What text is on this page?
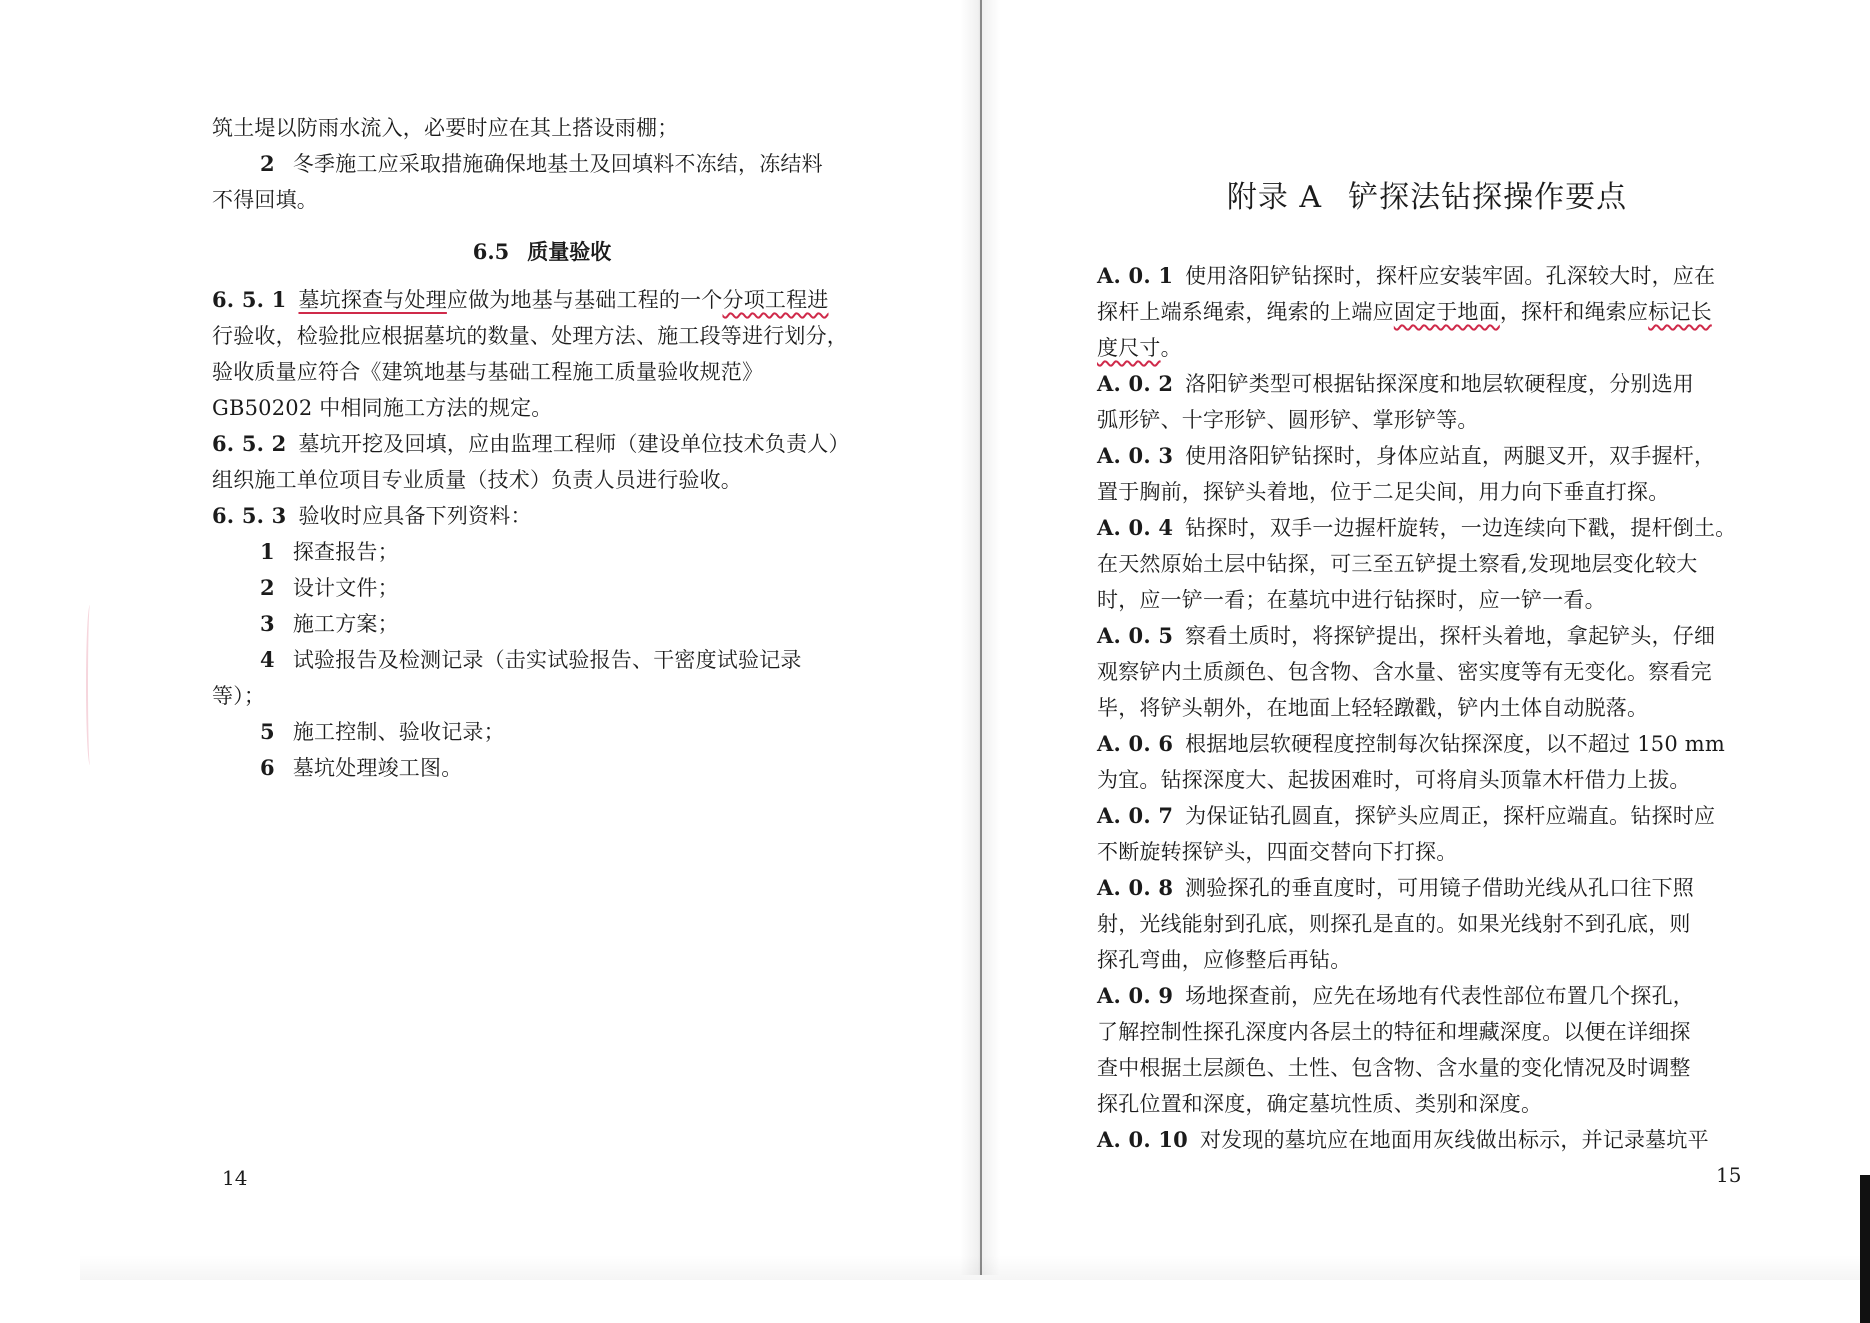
筑土堤以防雨水流入，必要时应在其上搭设雨棚；
2 冬季施工应采取措施确保地基土及回填料不冻结，冻结料
不得回填。
6.5 质量验收
6. 5. 1 墓坑探查与处理应做为地基与基础工程的一个分项工程进
行验收，检验批应根据墓坑的数量、处理方法、施工段等进行划分，
验收质量应符合《建筑地基与基础工程施工质量验收规范》
GB50202 中相同施工方法的规定。
6. 5. 2 墓坑开挖及回填，应由监理工程师（建设单位技术负责人）
组织施工单位项目专业质量（技术）负责人员进行验收。
6. 5. 3 验收时应具备下列资料：
1 探查报告；
2 设计文件；
3 施工方案；
4 试验报告及检测记录（击实试验报告、干密度试验记录
等）；
5 施工控制、验收记录；
6 墓坑处理竣工图。
14
附录 A 铲探法钻探操作要点
A. 0. 1 使用洛阳铲钻探时，探杆应安装牢固。孔深较大时，应在
探杆上端系绳索，绳索的上端应固定于地面，探杆和绳索应标记长
度尺寸。
A. 0. 2 洛阳铲类型可根据钻探深度和地层软硬程度，分别选用
弧形铲、十字形铲、圆形铲、掌形铲等。
A. 0. 3 使用洛阳铲钻探时，身体应站直，两腿叉开，双手握杆，
置于胸前，探铲头着地，位于二足尖间，用力向下垂直打探。
A. 0. 4 钻探时，双手一边握杆旋转，一边连续向下戳，提杆倒土。
在天然原始土层中钻探，可三至五铲提土察看,发现地层变化较大
时，应一铲一看；在墓坑中进行钻探时，应一铲一看。
A. 0. 5 察看土质时，将探铲提出，探杆头着地，拿起铲头，仔细
观察铲内土质颜色、包含物、含水量、密实度等有无变化。察看完
毕，将铲头朝外，在地面上轻轻蹾戳，铲内土体自动脱落。
A. 0. 6 根据地层软硬程度控制每次钻探深度，以不超过 150 mm
为宜。钻探深度大、起拔困难时，可将肩头顶靠木杆借力上拔。
A. 0. 7 为保证钻孔圆直，探铲头应周正，探杆应端直。钻探时应
不断旋转探铲头，四面交替向下打探。
A. 0. 8 测验探孔的垂直度时，可用镜子借助光线从孔口往下照
射，光线能射到孔底，则探孔是直的。如果光线射不到孔底，则
探孔弯曲，应修整后再钻。
A. 0. 9 场地探查前，应先在场地有代表性部位布置几个探孔，
了解控制性探孔深度内各层土的特征和埋藏深度。以便在详细探
查中根据土层颜色、土性、包含物、含水量的变化情况及时调整
探孔位置和深度，确定墓坑性质、类别和深度。
A. 0. 10 对发现的墓坑应在地面用灰线做出标示，并记录墓坑平
15
